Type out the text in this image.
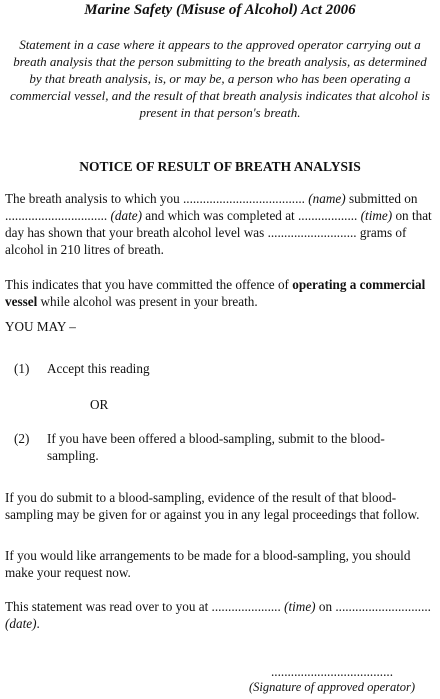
Marine Safety (Misuse of Alcohol) Act 2006
Statement in a case where it appears to the approved operator carrying out a breath analysis that the person submitting to the breath analysis, as determined by that breath analysis, is, or may be, a person who has been operating a commercial vessel, and the result of that breath analysis indicates that alcohol is present in that person's breath.
NOTICE OF RESULT OF BREATH ANALYSIS
The breath analysis to which you ..................................... (name) submitted on ............................... (date) and which was completed at .................. (time) on that day has shown that your breath alcohol level was ........................... grams of alcohol in 210 litres of breath.
This indicates that you have committed the offence of operating a commercial vessel while alcohol was present in your breath.
YOU MAY –
(1) Accept this reading
OR
(2) If you have been offered a blood-sampling, submit to the blood-sampling.
If you do submit to a blood-sampling, evidence of the result of that blood-sampling may be given for or against you in any legal proceedings that follow.
If you would like arrangements to be made for a blood-sampling, you should make your request now.
This statement was read over to you at ..................... (time) on ............................. (date).
.....................................
(Signature of approved operator)
